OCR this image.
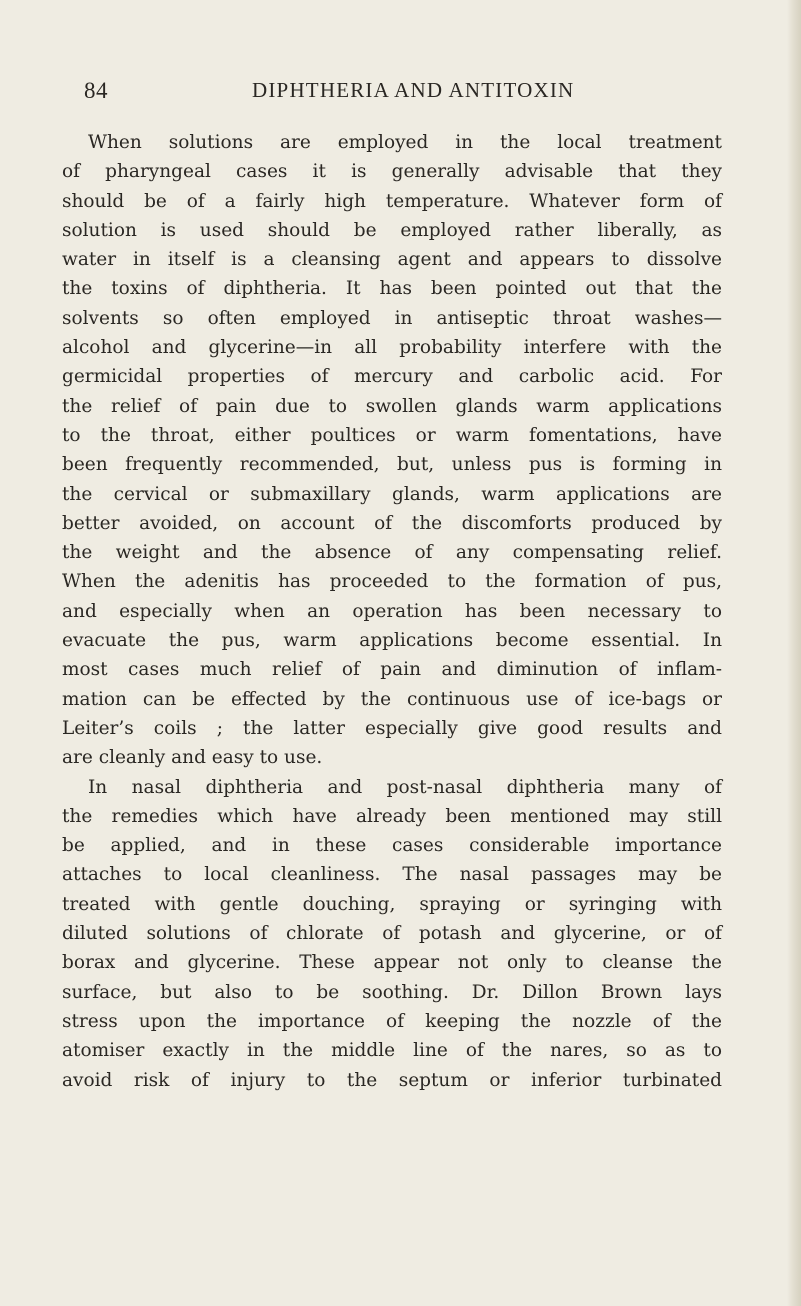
84	DIPHTHERIA AND ANTITOXIN
When solutions are employed in the local treatment
of pharyngeal cases it is generally advisable that they
should be of a fairly high temperature. Whatever form of
solution is used should be employed rather liberally, as
water in itself is a cleansing agent and appears to dissolve
the toxins of diphtheria. It has been pointed out that the
solvents so often employed in antiseptic throat washes—
alcohol and glycerine—in all probability interfere with the
germicidal properties of mercury and carbolic acid. For
the relief of pain due to swollen glands warm applications
to the throat, either poultices or warm fomentations, have
been frequently recommended, but, unless pus is forming in
the cervical or submaxillary glands, warm applications are
better avoided, on account of the discomforts produced by
the weight and the absence of any compensating relief.
When the adenitis has proceeded to the formation of pus,
and especially when an operation has been necessary to
evacuate the pus, warm applications become essential. In
most cases much relief of pain and diminution of inflam-
mation can be effected by the continuous use of ice-bags or
Leiter’s coils ; the latter especially give good results and
are cleanly and easy to use.
In nasal diphtheria and post-nasal diphtheria many of
the remedies which have already been mentioned may still
be applied, and in these cases considerable importance
attaches to local cleanliness. The nasal passages may be
treated with gentle douching, spraying or syringing with
diluted solutions of chlorate of potash and glycerine, or of
borax and glycerine. These appear not only to cleanse the
surface, but also to be soothing. Dr. Dillon Brown lays
stress upon the importance of keeping the nozzle of the
atomiser exactly in the middle line of the nares, so as to
avoid risk of injury to the septum or inferior turbinated
